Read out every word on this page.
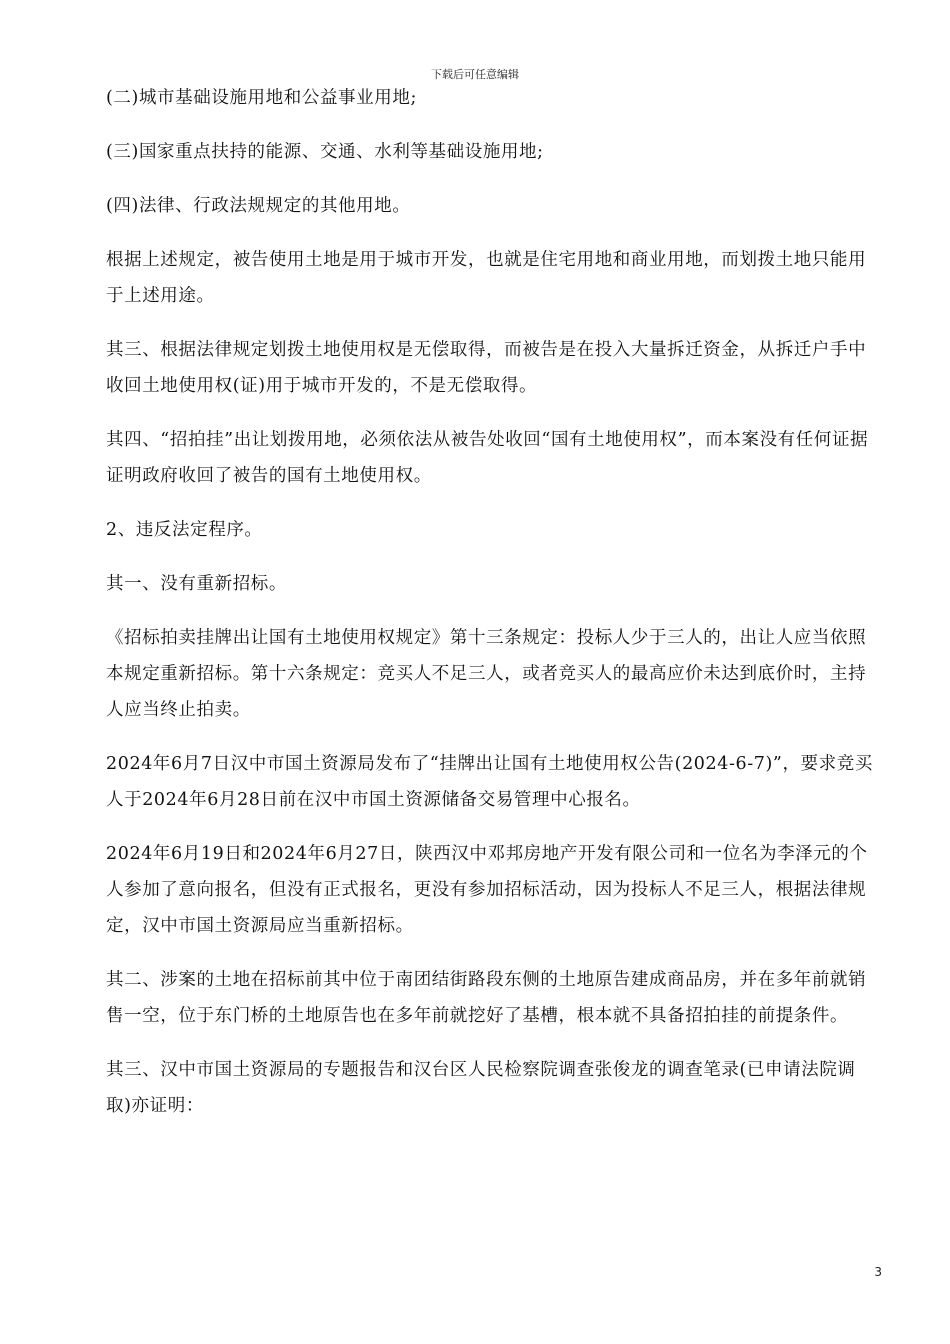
下载后可任意编辑

(二)城市基础设施用地和公益事业用地;

(三)国家重点扶持的能源、交通、水利等基础设施用地;

(四)法律、行政法规规定的其他用地。

根据上述规定，被告使用土地是用于城市开发，也就是住宅用地和商业用地，而划拨土地只能用于上述用途。

其三、根据法律规定划拨土地使用权是无偿取得，而被告是在投入大量拆迁资金，从拆迁户手中收回土地使用权(证)用于城市开发的，不是无偿取得。

其四、“招拍挂”出让划拨用地，必须依法从被告处收回“国有土地使用权”，而本案没有任何证据证明政府收回了被告的国有土地使用权。

2、违反法定程序。

其一、没有重新招标。

《招标拍卖挂牌出让国有土地使用权规定》第十三条规定：投标人少于三人的，出让人应当依照本规定重新招标。第十六条规定：竞买人不足三人，或者竞买人的最高应价未达到底价时，主持人应当终止拍卖。

2024年6月7日汉中市国土资源局发布了“挂牌出让国有土地使用权公告(2024-6-7)”，要求竞买人于2024年6月28日前在汉中市国土资源储备交易管理中心报名。

2024年6月19日和2024年6月27日，陕西汉中邓邦房地产开发有限公司和一位名为李泽元的个人参加了意向报名，但没有正式报名，更没有参加招标活动，因为投标人不足三人，根据法律规定，汉中市国土资源局应当重新招标。

其二、涉案的土地在招标前其中位于南团结街路段东侧的土地原告建成商品房，并在多年前就销售一空，位于东门桥的土地原告也在多年前就挖好了基槽，根本就不具备招拍挂的前提条件。

其三、汉中市国土资源局的专题报告和汉台区人民检察院调查张俊龙的调查笔录(已申请法院调取)亦证明：

3
